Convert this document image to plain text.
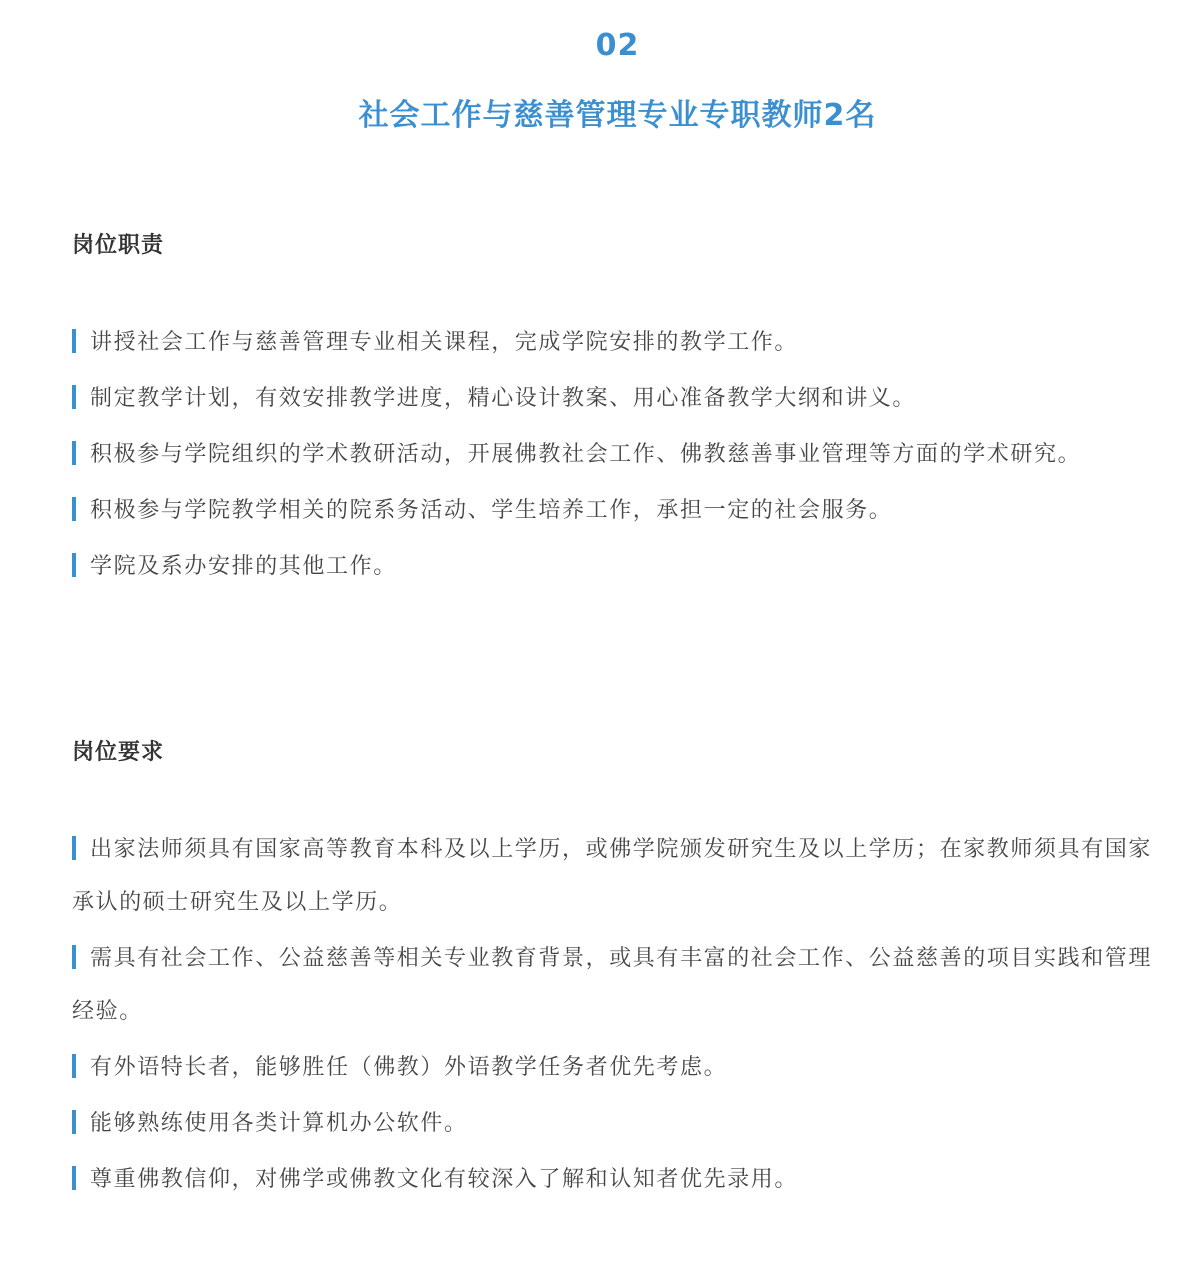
02
社会工作与慈善管理专业专职教师2名
岗位职责
讲授社会工作与慈善管理专业相关课程，完成学院安排的教学工作。
制定教学计划，有效安排教学进度，精心设计教案、用心准备教学大纲和讲义。
积极参与学院组织的学术教研活动，开展佛教社会工作、佛教慈善事业管理等方面的学术研究。
积极参与学院教学相关的院系务活动、学生培养工作，承担一定的社会服务。
学院及系办安排的其他工作。
岗位要求
出家法师须具有国家高等教育本科及以上学历，或佛学院颁发研究生及以上学历；在家教师须具有国家承认的硕士研究生及以上学历。
需具有社会工作、公益慈善等相关专业教育背景，或具有丰富的社会工作、公益慈善的项目实践和管理经验。
有外语特长者，能够胜任（佛教）外语教学任务者优先考虑。
能够熟练使用各类计算机办公软件。
尊重佛教信仰，对佛学或佛教文化有较深入了解和认知者优先录用。
